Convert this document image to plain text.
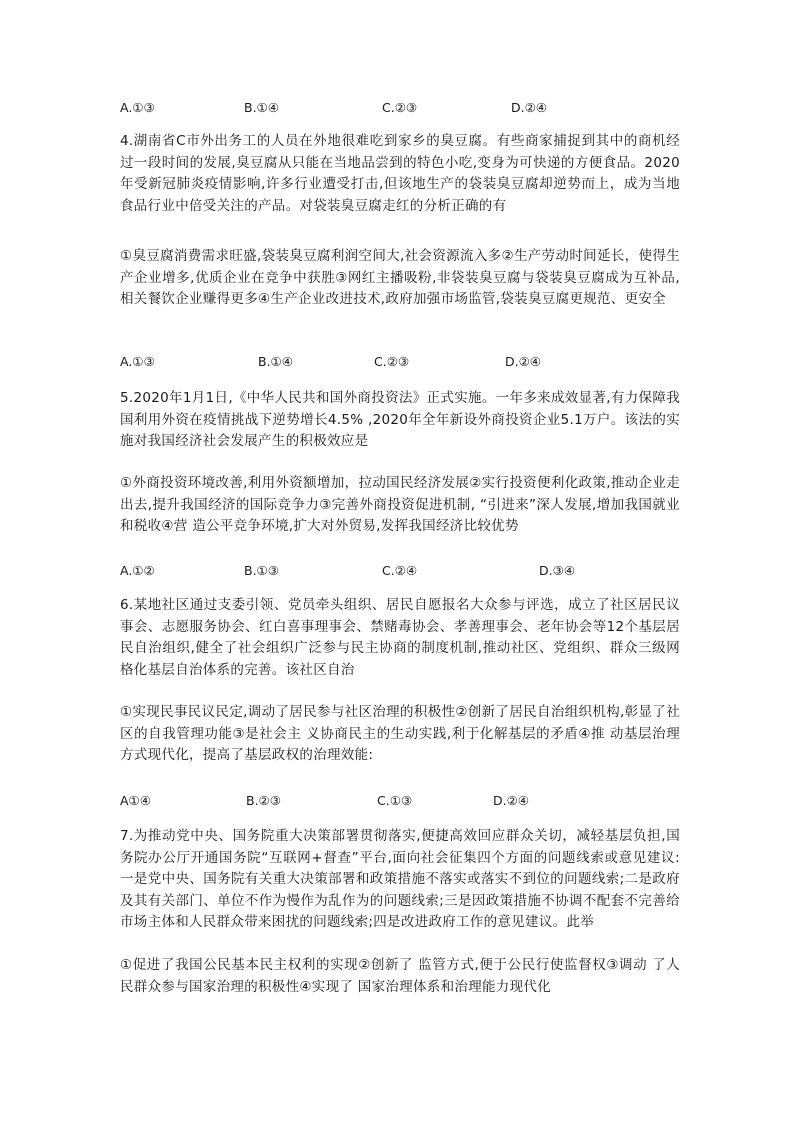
A.①③	B.①④	C.②③	D.②④
4.湖南省C市外出务工的人员在外地很难吃到家乡的臭豆腐。有些商家捕捉到其中的商机经过一段时间的发展,臭豆腐从只能在当地品尝到的特色小吃,变身为可快递的方便食品。2020年受新冠肺炎疫情影响,许多行业遭受打击,但该地生产的袋装臭豆腐却逆势而上，成为当地食品行业中倍受关注的产品。对袋装臭豆腐走红的分析正确的有
①臭豆腐消费需求旺盛,袋装臭豆腐利润空间大,社会资源流入多②生产劳动时间延长，使得生产企业增多,优质企业在竞争中获胜③网红主播吸粉,非袋装臭豆腐与袋装臭豆腐成为互补品,相关餐饮企业赚得更多④生产企业改进技术,政府加强市场监管,袋装臭豆腐更规范、更安全
A.①③	B.①④	C.②③	D.②④
5.2020年1月1日,《中华人民共和国外商投资法》正式实施。一年多来成效显著,有力保障我国利用外资在疫情挑战下逆势增长4.5% ,2020年全年新设外商投资企业5.1万户。该法的实施对我国经济社会发展产生的积极效应是
①外商投资环境改善,利用外资额增加，拉动国民经济发展②实行投资便利化政策,推动企业走出去,提升我国经济的国际竞争力③完善外商投资促进机制, “引进来”深人发展,增加我国就业和税收④营 造公平竞争环境,扩大对外贸易,发挥我国经济比较优势
A.①②	B.①③	C.②④	D.③④
6.某地社区通过支委引领、党员牵头组织、居民自愿报名大众参与评选，成立了社区居民议事会、志愿服务协会、红白喜事理事会、禁赌毒协会、孝善理事会、老年协会等12个基层居民自治组织,健全了社会组织广泛参与民主协商的制度机制,推动社区、党组织、群众三级网格化基层自治体系的完善。该社区自治
①实现民事民议民定,调动了居民参与社区治理的积极性②创新了居民自治组织机构,彰显了社区的自我管理功能③是社会主 义协商民主的生动实践,利于化解基层的矛盾④推 动基层治理方式现代化，提高了基层政权的治理效能:
A①④	B.②③	C.①③	D.②④
7.为推动党中央、国务院重大决策部署贯彻落实,便捷高效回应群众关切，减轻基层负担,国务院办公厅开通国务院“互联网+督查”平台,面向社会征集四个方面的问题线索或意见建议:一是党中央、国务院有关重大决策部署和政策措施不落实或落实不到位的问题线索;二是政府及其有关部门、单位不作为慢作为乱作为的问题线索;三是因政策措施不协调不配套不完善给市场主体和人民群众带来困扰的问题线索;四是改进政府工作的意见建议。此举
①促进了我国公民基本民主权利的实现②创新了 监管方式,便于公民行使监督权③调动 了人民群众参与国家治理的积极性④实现了 国家治理体系和治理能力现代化
